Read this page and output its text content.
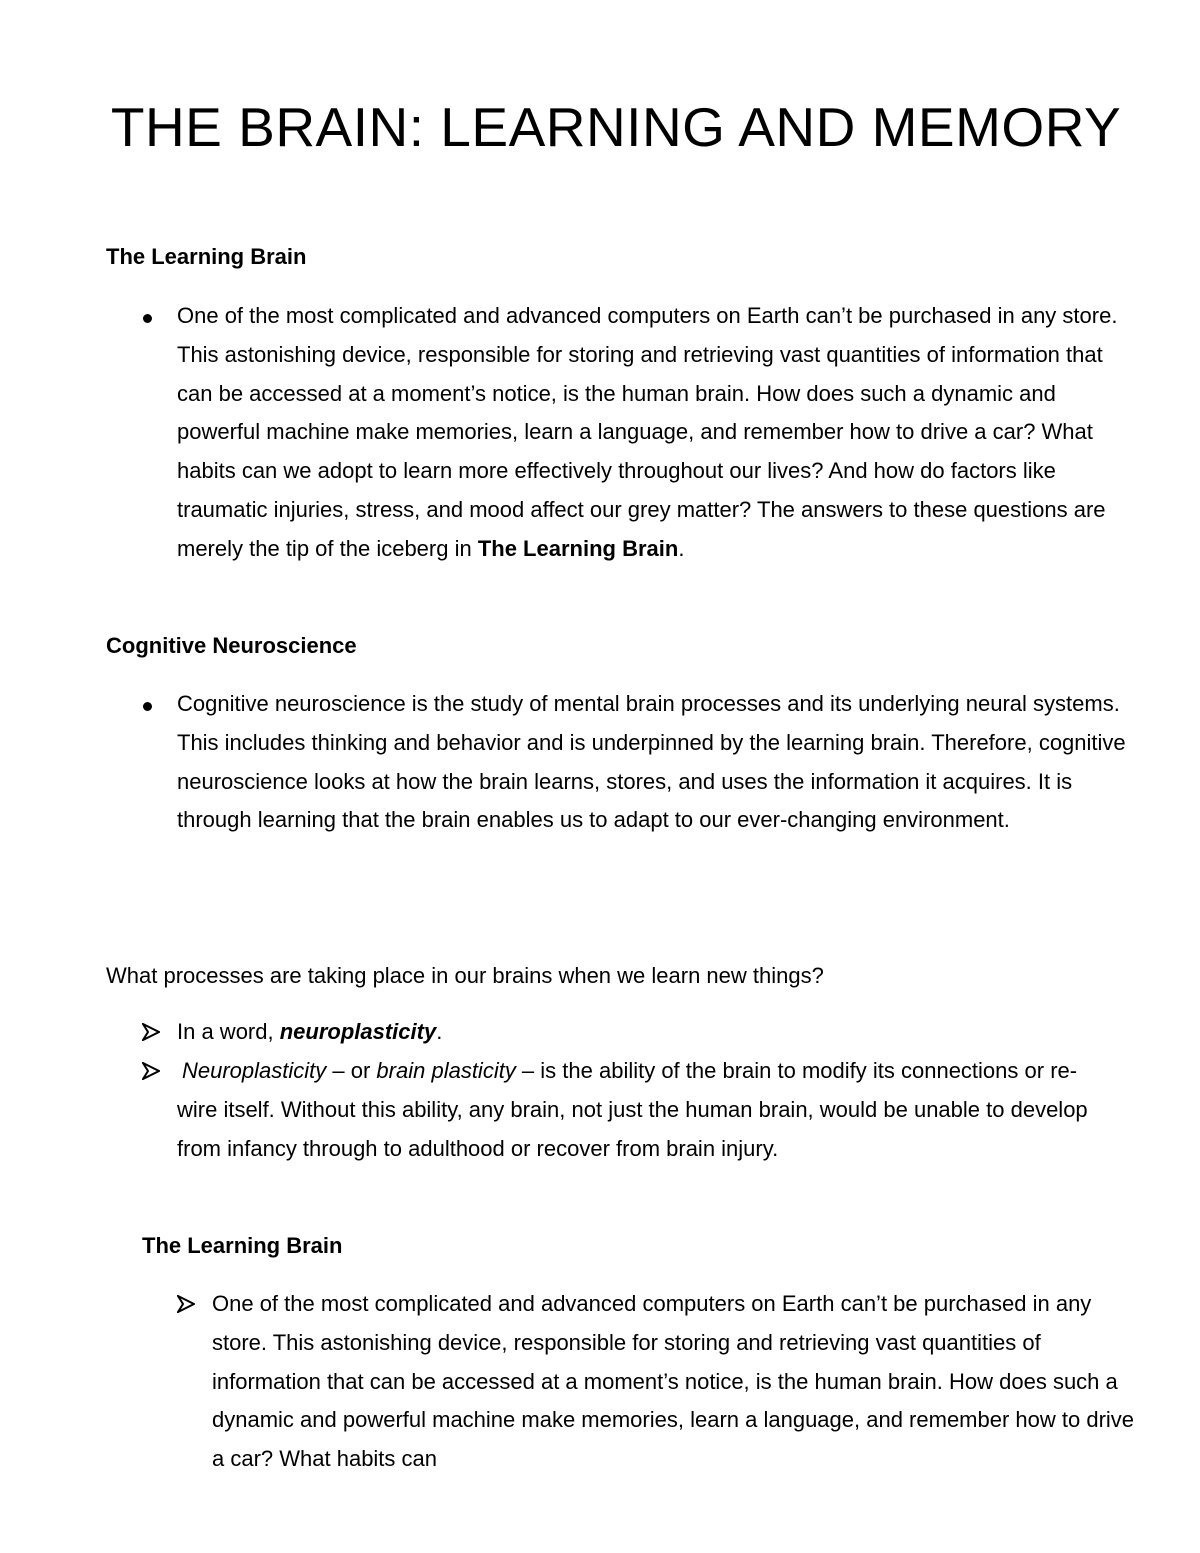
THE BRAIN: LEARNING AND MEMORY
The Learning Brain
One of the most complicated and advanced computers on Earth can’t be purchased in any store. This astonishing device, responsible for storing and retrieving vast quantities of information that can be accessed at a moment’s notice, is the human brain. How does such a dynamic and powerful machine make memories, learn a language, and remember how to drive a car? What habits can we adopt to learn more effectively throughout our lives? And how do factors like traumatic injuries, stress, and mood affect our grey matter? The answers to these questions are merely the tip of the iceberg in The Learning Brain.
Cognitive Neuroscience
Cognitive neuroscience is the study of mental brain processes and its underlying neural systems. This includes thinking and behavior and is underpinned by the learning brain. Therefore, cognitive neuroscience looks at how the brain learns, stores, and uses the information it acquires. It is through learning that the brain enables us to adapt to our ever-changing environment.
What processes are taking place in our brains when we learn new things?
In a word, neuroplasticity.
Neuroplasticity – or brain plasticity – is the ability of the brain to modify its connections or re-wire itself. Without this ability, any brain, not just the human brain, would be unable to develop from infancy through to adulthood or recover from brain injury.
The Learning Brain
One of the most complicated and advanced computers on Earth can’t be purchased in any store. This astonishing device, responsible for storing and retrieving vast quantities of information that can be accessed at a moment’s notice, is the human brain. How does such a dynamic and powerful machine make memories, learn a language, and remember how to drive a car? What habits can
